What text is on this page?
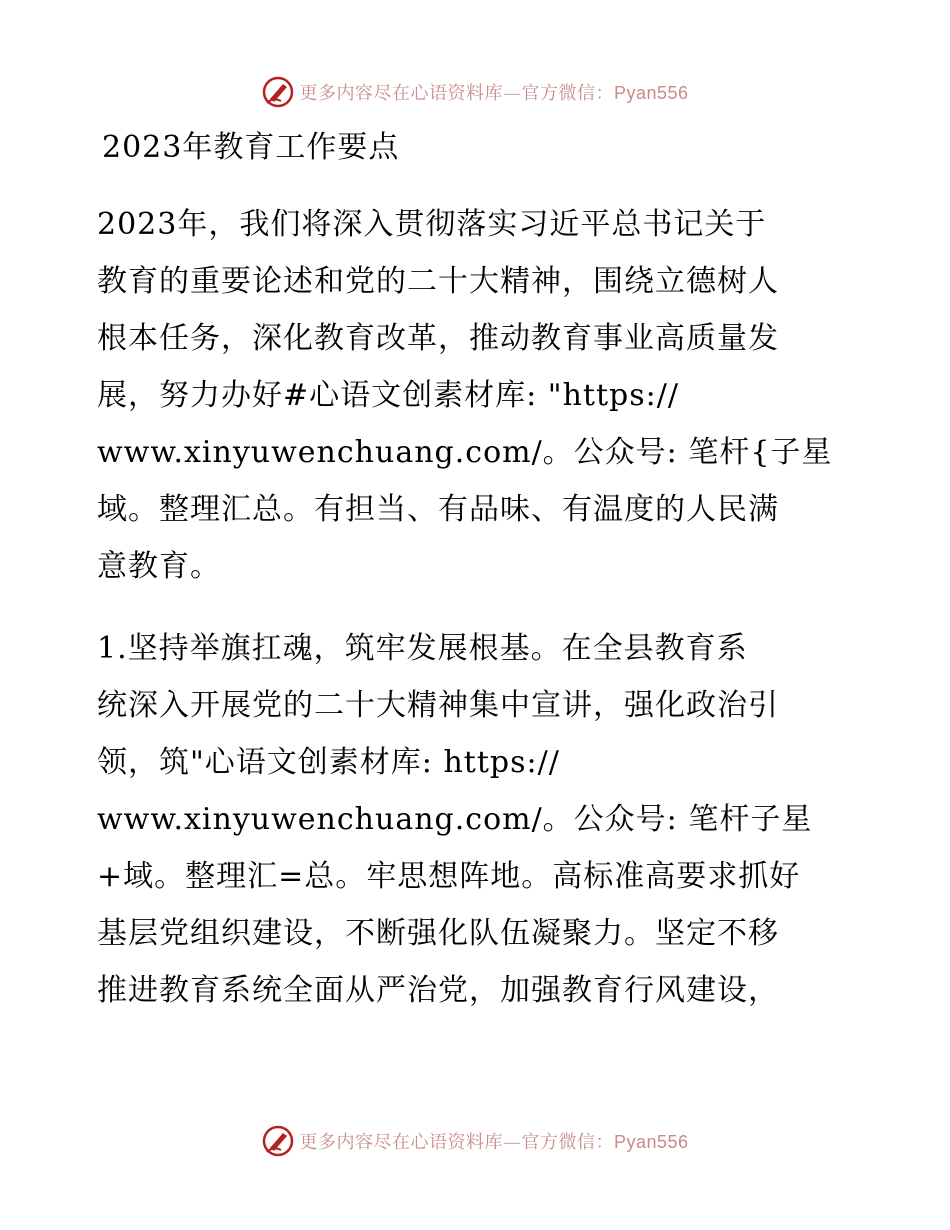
更多内容尽在心语资料库—官方微信：Pyan556
2023年教育工作要点
2023年，我们将深入贯彻落实习近平总书记关于
教育的重要论述和党的二十大精神，围绕立德树人
根本任务，深化教育改革，推动教育事业高质量发
展，努力办好#心语文创素材库: "https://
www.xinyuwenchuang.com/。公众号: 笔杆{子星
域。整理汇总。有担当、有品味、有温度的人民满
意教育。
1.坚持举旗扛魂，筑牢发展根基。在全县教育系
统深入开展党的二十大精神集中宣讲，强化政治引
领，筑"心语文创素材库: https://
www.xinyuwenchuang.com/。公众号: 笔杆子星
+域。整理汇=总。牢思想阵地。高标准高要求抓好
基层党组织建设，不断强化队伍凝聚力。坚定不移
推进教育系统全面从严治党，加强教育行风建设，
更多内容尽在心语资料库—官方微信：Pyan556
